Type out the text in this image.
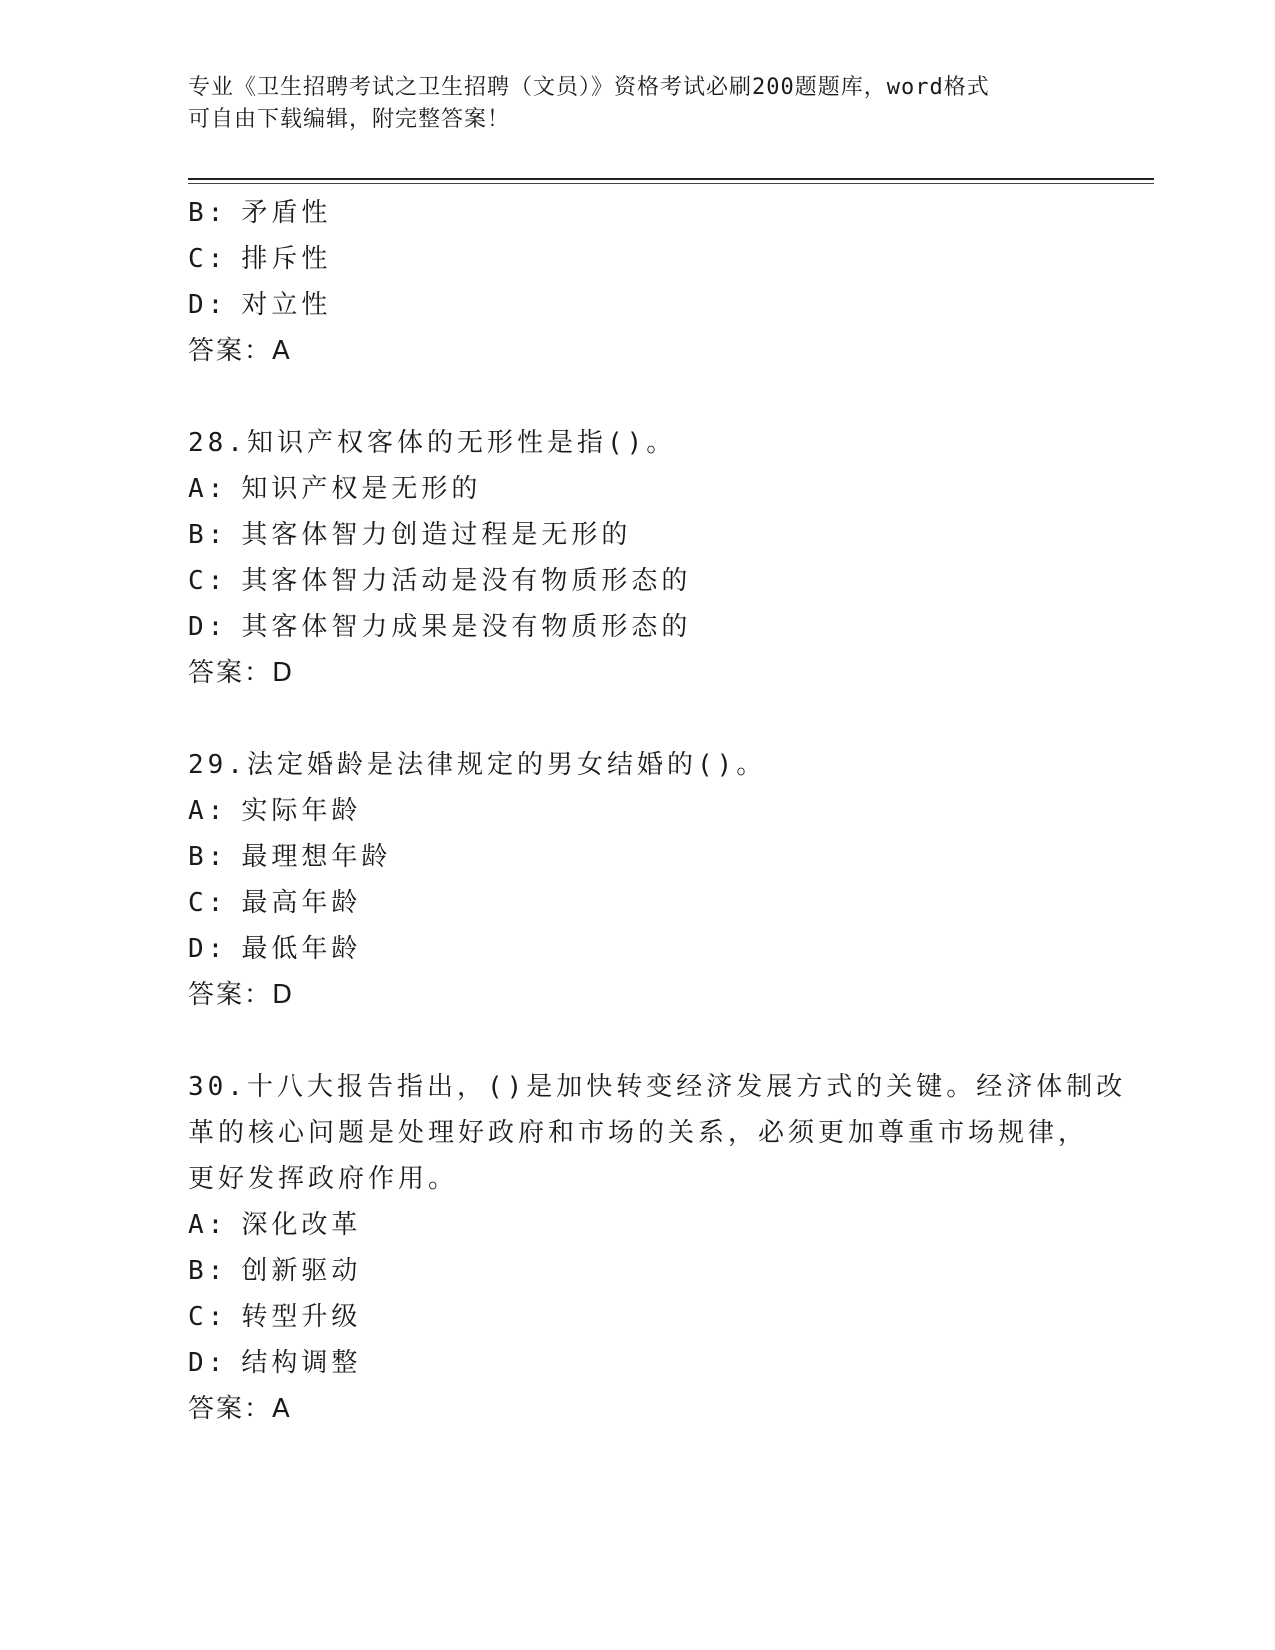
专业《卫生招聘考试之卫生招聘（文员）》资格考试必刷200题题库，word格式
可自由下载编辑，附完整答案！
B: 矛盾性
C: 排斥性
D: 对立性
答案：A
28.知识产权客体的无形性是指()。
A: 知识产权是无形的
B: 其客体智力创造过程是无形的
C: 其客体智力活动是没有物质形态的
D: 其客体智力成果是没有物质形态的
答案：D
29.法定婚龄是法律规定的男女结婚的()。
A: 实际年龄
B: 最理想年龄
C: 最高年龄
D: 最低年龄
答案：D
30.十八大报告指出，()是加快转变经济发展方式的关键。经济体制改
革的核心问题是处理好政府和市场的关系，必须更加尊重市场规律，
更好发挥政府作用。
A: 深化改革
B: 创新驱动
C: 转型升级
D: 结构调整
答案：A
